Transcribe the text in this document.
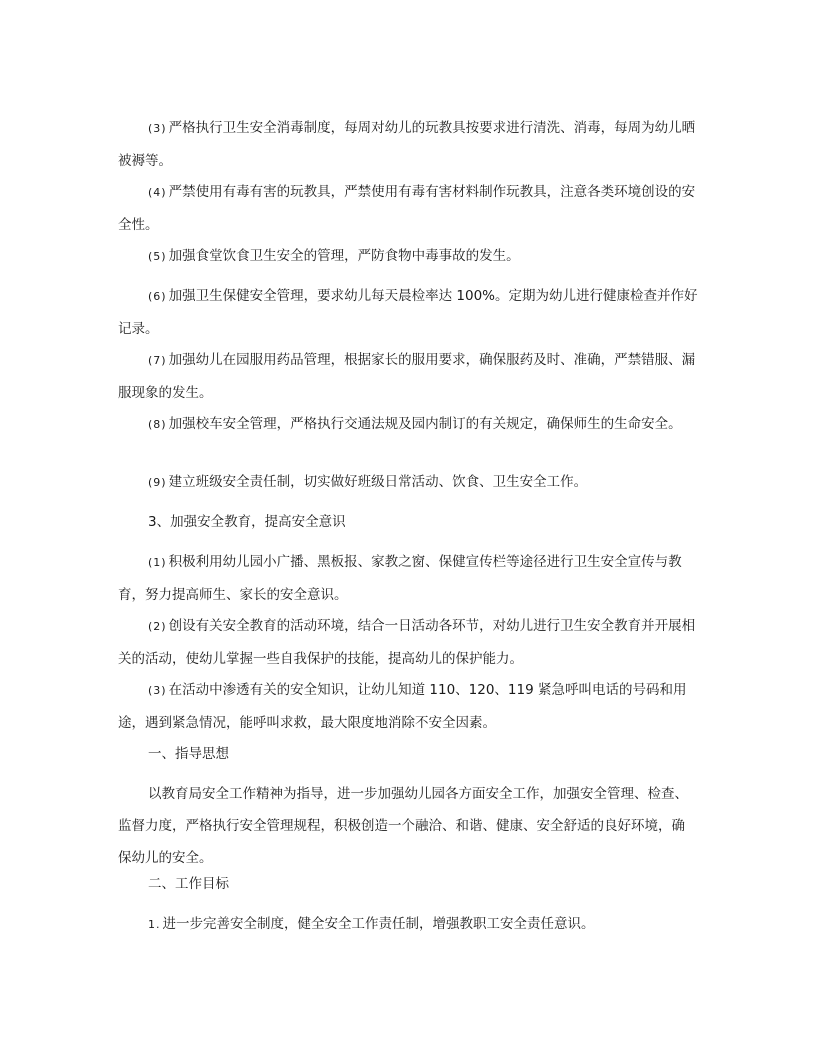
(3) 严格执行卫生安全消毒制度，每周对幼儿的玩教具按要求进行清洗、消毒，每周为幼儿晒被褥等。

(4) 严禁使用有毒有害的玩教具，严禁使用有毒有害材料制作玩教具，注意各类环境创设的安全性。

(5) 加强食堂饮食卫生安全的管理，严防食物中毒事故的发生。

(6) 加强卫生保健安全管理，要求幼儿每天晨检率达 100%。定期为幼儿进行健康检查并作好记录。

(7) 加强幼儿在园服用药品管理，根据家长的服用要求，确保服药及时、准确，严禁错服、漏服现象的发生。

(8) 加强校车安全管理，严格执行交通法规及园内制订的有关规定，确保师生的生命安全。

(9) 建立班级安全责任制，切实做好班级日常活动、饮食、卫生安全工作。

3、加强安全教育，提高安全意识

(1) 积极利用幼儿园小广播、黑板报、家教之窗、保健宣传栏等途径进行卫生安全宣传与教育，努力提高师生、家长的安全意识。

(2) 创设有关安全教育的活动环境，结合一日活动各环节，对幼儿进行卫生安全教育并开展相关的活动，使幼儿掌握一些自我保护的技能，提高幼儿的保护能力。

(3) 在活动中渗透有关的安全知识，让幼儿知道 110、120、119 紧急呼叫电话的号码和用途，遇到紧急情况，能呼叫求救，最大限度地消除不安全因素。

一、指导思想

以教育局安全工作精神为指导，进一步加强幼儿园各方面安全工作，加强安全管理、检查、监督力度，严格执行安全管理规程，积极创造一个融洽、和谐、健康、安全舒适的良好环境，确保幼儿的安全。

二、工作目标

1. 进一步完善安全制度，健全安全工作责任制，增强教职工安全责任意识。
